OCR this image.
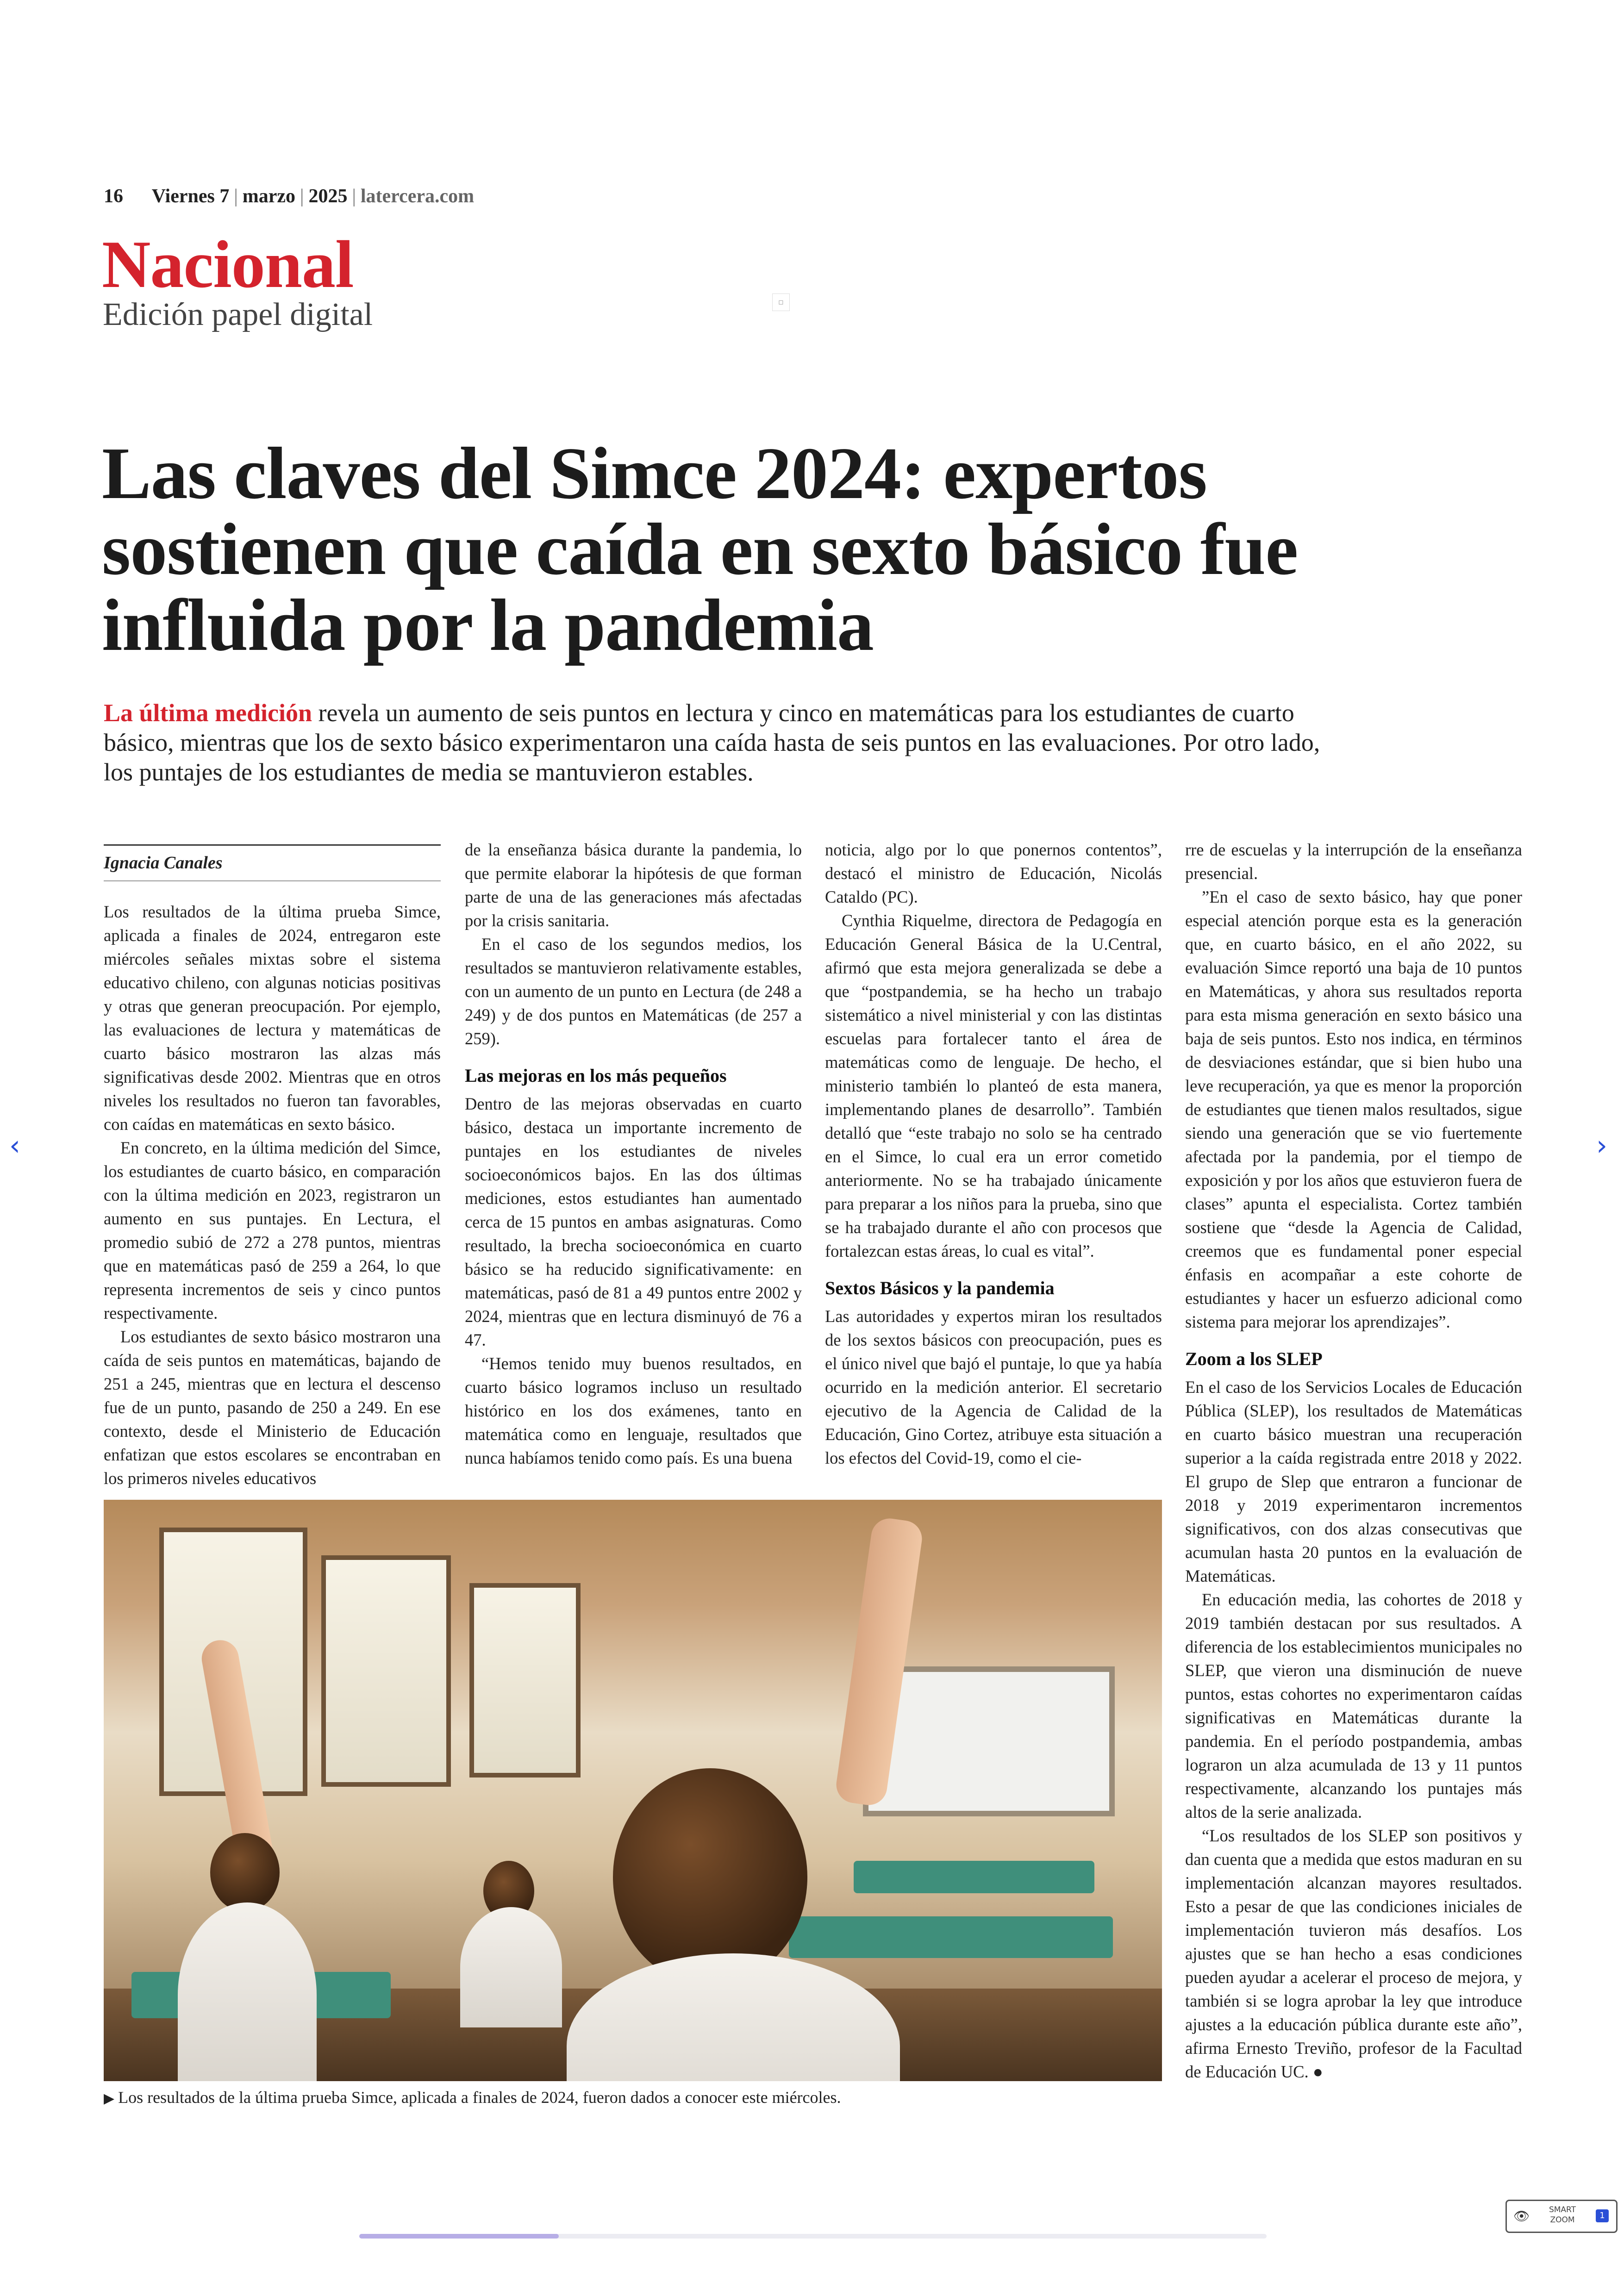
16 Viernes 7 | marzo | 2025 | latercera.com
Nacional
Edición papel digital	▫
Las claves del Simce 2024: expertos sostienen que caída en sexto básico fue influida por la pandemia

La última medición revela un aumento de seis puntos en lectura y cinco en matemáticas para los estudiantes de cuarto básico, mientras que los de sexto básico experimentaron una caída hasta de seis puntos en las evaluaciones. Por otro lado, los puntajes de los estudiantes de media se mantuvieron estables.

Ignacia Canales

Los resultados de la última prueba Simce, aplicada a finales de 2024, entregaron este miércoles señales mixtas sobre el sistema educativo chileno, con algunas noticias positivas y otras que generan preocupación. Por ejemplo, las evaluaciones de lectura y matemáticas de cuarto básico mostraron las alzas más significativas desde 2002. Mientras que en otros niveles los resultados no fueron tan favorables, con caídas en matemáticas en sexto básico.

En concreto, en la última medición del Simce, los estudiantes de cuarto básico, en comparación con la última medición en 2023, registraron un aumento en sus puntajes. En Lectura, el promedio subió de 272 a 278 puntos, mientras que en matemáticas pasó de 259 a 264, lo que representa incrementos de seis y cinco puntos respectivamente.

Los estudiantes de sexto básico mostraron una caída de seis puntos en matemáticas, bajando de 251 a 245, mientras que en lectura el descenso fue de un punto, pasando de 250 a 249. En ese contexto, desde el Ministerio de Educación enfatizan que estos escolares se encontraban en los primeros niveles educativos

de la enseñanza básica durante la pandemia, lo que permite elaborar la hipótesis de que forman parte de una de las generaciones más afectadas por la crisis sanitaria.

En el caso de los segundos medios, los resultados se mantuvieron relativamente estables, con un aumento de un punto en Lectura (de 248 a 249) y de dos puntos en Matemáticas (de 257 a 259).

Las mejoras en los más pequeños

Dentro de las mejoras observadas en cuarto básico, destaca un importante incremento de puntajes en los estudiantes de niveles socioeconómicos bajos. En las dos últimas mediciones, estos estudiantes han aumentado cerca de 15 puntos en ambas asignaturas. Como resultado, la brecha socioeconómica en cuarto básico se ha reducido significativamente: en matemáticas, pasó de 81 a 49 puntos entre 2002 y 2024, mientras que en lectura disminuyó de 76 a 47.

“Hemos tenido muy buenos resultados, en cuarto básico logramos incluso un resultado histórico en los dos exámenes, tanto en matemática como en lenguaje, resultados que nunca habíamos tenido como país. Es una buena

noticia, algo por lo que ponernos contentos”, destacó el ministro de Educación, Nicolás Cataldo (PC).

Cynthia Riquelme, directora de Pedagogía en Educación General Básica de la U.Central, afirmó que esta mejora generalizada se debe a que “postpandemia, se ha hecho un trabajo sistemático a nivel ministerial y con las distintas escuelas para fortalecer tanto el área de matemáticas como de lenguaje. De hecho, el ministerio también lo planteó de esta manera, implementando planes de desarrollo”. También detalló que “este trabajo no solo se ha centrado en el Simce, lo cual era un error cometido anteriormente. No se ha trabajado únicamente para preparar a los niños para la prueba, sino que se ha trabajado durante el año con procesos que fortalezcan estas áreas, lo cual es vital”.

Sextos Básicos y la pandemia

Las autoridades y expertos miran los resultados de los sextos básicos con preocupación, pues es el único nivel que bajó el puntaje, lo que ya había ocurrido en la medición anterior. El secretario ejecutivo de la Agencia de Calidad de la Educación, Gino Cortez, atribuye esta situación a los efectos del Covid-19, como el cie-

rre de escuelas y la interrupción de la enseñanza presencial.

”En el caso de sexto básico, hay que poner especial atención porque esta es la generación que, en cuarto básico, en el año 2022, su evaluación Simce reportó una baja de 10 puntos en Matemáticas, y ahora sus resultados reporta para esta misma generación en sexto básico una baja de seis puntos. Esto nos indica, en términos de desviaciones estándar, que si bien hubo una leve recuperación, ya que es menor la proporción de estudiantes que tienen malos resultados, sigue siendo una generación que se vio fuertemente afectada por la pandemia, por el tiempo de exposición y por los años que estuvieron fuera de clases” apunta el especialista. Cortez también sostiene que “desde la Agencia de Calidad, creemos que es fundamental poner especial énfasis en acompañar a este cohorte de estudiantes y hacer un esfuerzo adicional como sistema para mejorar los aprendizajes”.

Zoom a los SLEP

En el caso de los Servicios Locales de Educación Pública (SLEP), los resultados de Matemáticas en cuarto básico muestran una recuperación superior a la caída registrada entre 2018 y 2022. El grupo de Slep que entraron a funcionar de 2018 y 2019 experimentaron incrementos significativos, con dos alzas consecutivas que acumulan hasta 20 puntos en la evaluación de Matemáticas.

En educación media, las cohortes de 2018 y 2019 también destacan por sus resultados. A diferencia de los establecimientos municipales no SLEP, que vieron una disminución de nueve puntos, estas cohortes no experimentaron caídas significativas en Matemáticas durante la pandemia. En el período postpandemia, ambas lograron un alza acumulada de 13 y 11 puntos respectivamente, alcanzando los puntajes más altos de la serie analizada.

“Los resultados de los SLEP son positivos y dan cuenta que a medida que estos maduran en su implementación alcanzan mayores resultados. Esto a pesar de que las condiciones iniciales de implementación tuvieron más desafíos. Los ajustes que se han hecho a esas condiciones pueden ayudar a acelerar el proceso de mejora, y también si se logra aprobar la ley que introduce ajustes a la educación pública durante este año”, afirma Ernesto Treviño, profesor de la Facultad de Educación UC. ●

▶ Los resultados de la última prueba Simce, aplicada a finales de 2024, fueron dados a conocer este miércoles.
‹	›
👁	SMART
ZOOM	1
